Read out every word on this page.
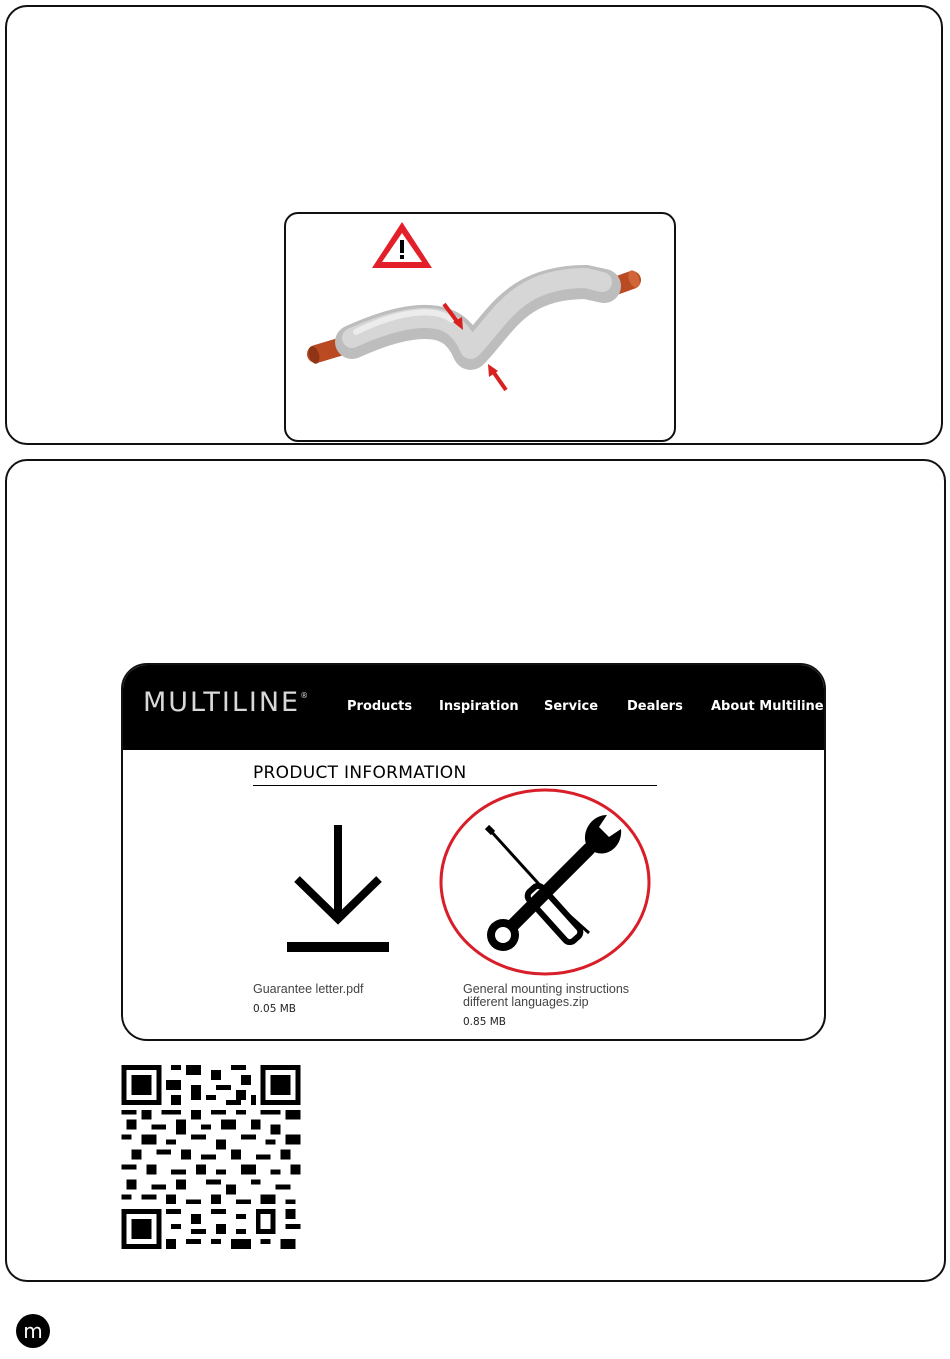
MULTILINE®
Products Inspiration Service Dealers About Multiline
PRODUCT INFORMATION
Guarantee letter.pdf
0.05 MB
General mounting instructions
different languages.zip
0.85 MB
m
